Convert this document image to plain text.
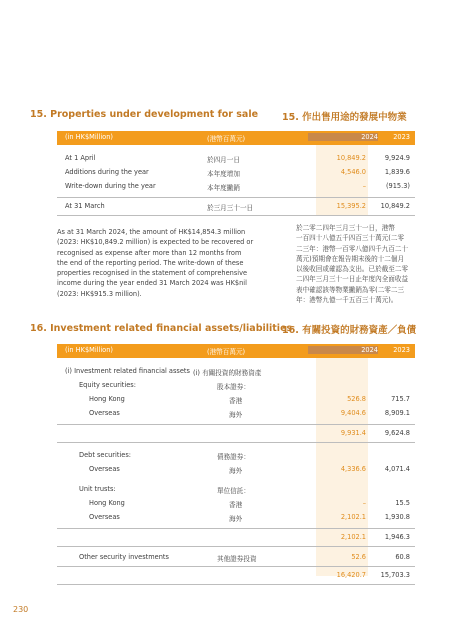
15. Properties under development for sale	15. 作出售用途的發展中物業
(in HK$Million)	(港幣百萬元)	2024 2023
At 1 April	於四月一日	10,849.2	9,924.9
Additions during the year	本年度增加	4,546.0	1,839.6
Write-down during the year	本年度撇銷	–	(915.3)
At 31 March	於三月三十一日	15,395.2 10,849.2
As at 31 March 2024, the amount of HK$14,854.3 million
(2023: HK$10,849.2 million) is expected to be recovered or
recognised as expense after more than 12 months from
the end of the reporting period. The write-down of these
properties recognised in the statement of comprehensive
income during the year ended 31 March 2024 was HK$nil
(2023: HK$915.3 million).
於二零二四年三月三十一日，港幣
一百四十八億五千四百三十萬元(二零
二三年：港幣一百零八億四千九百二十
萬元)預期會在報告期末後的十二個月
以後收回或確認為支出。已於截至二零
二四年三月三十一日止年度內全面收益
表中確認該等物業撇銷為零(二零二三
年：港幣九億一千五百三十萬元)。
16. Investment related financial assets/liabilities
16. 有關投資的財務資產／負債
(in HK$Million)	(港幣百萬元)	2024 2023
(i) Investment related financial assets (i) 有關投資的財務資產
Equity securities:	股本證券：
Hong Kong	香港	526.8	715.7
Overseas	海外	9,404.6	8,909.1
9,931.4	9,624.8
Debt securities:	債務證券：
Overseas	海外	4,336.6	4,071.4
Unit trusts:	單位信託：
Hong Kong	香港	–	15.5
Overseas	海外	2,102.1	1,930.8
2,102.1	1,946.3
Other security investments	其他證券投資	52.6	60.8
16,420.7 15,703.3
230
